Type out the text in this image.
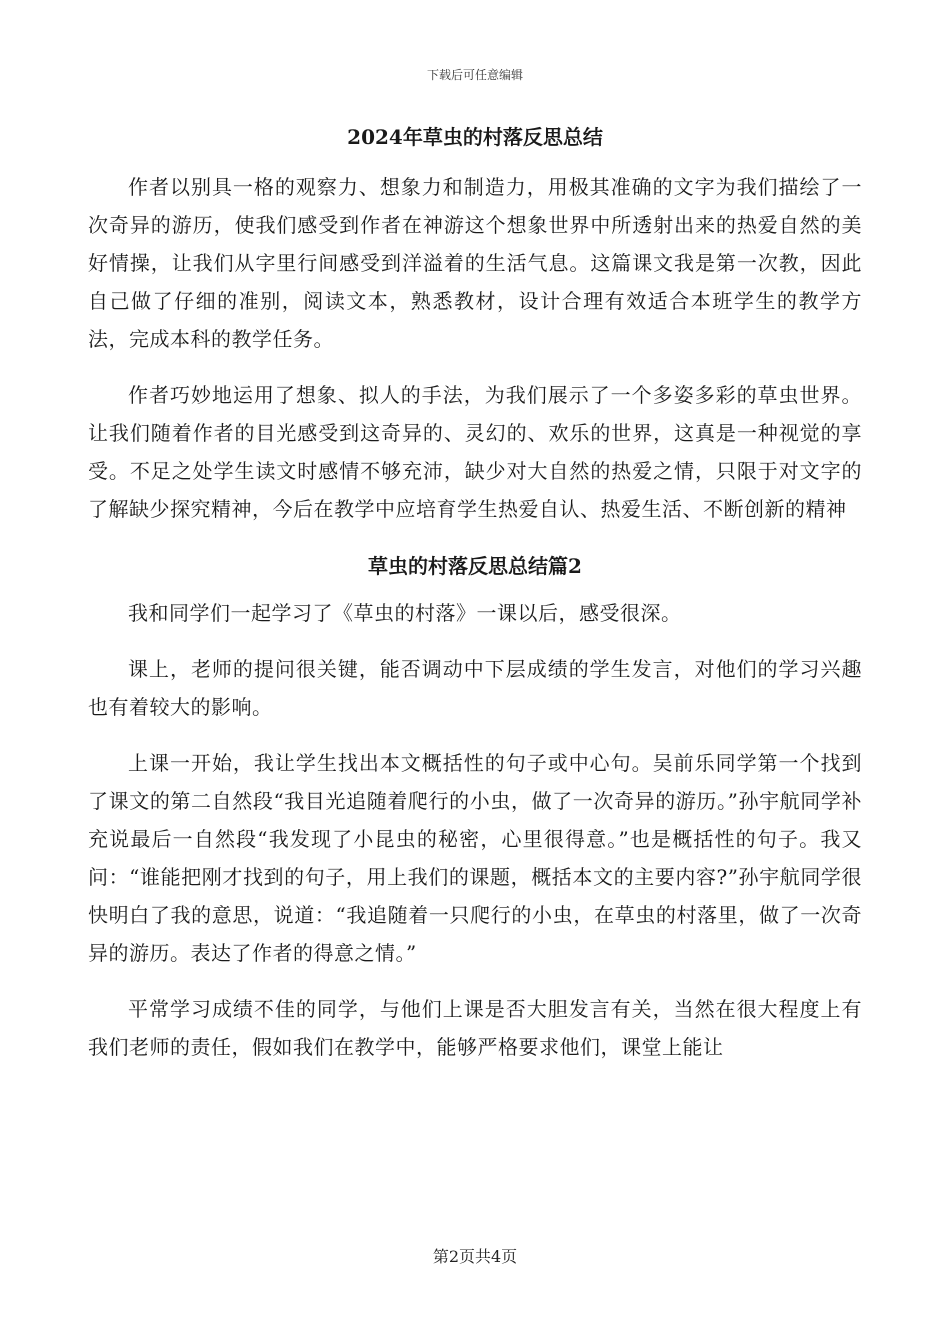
下载后可任意编辑
2024年草虫的村落反思总结

作者以别具一格的观察力、想象力和制造力，用极其准确的文字为我们描绘了一次奇异的游历，使我们感受到作者在神游这个想象世界中所透射出来的热爱自然的美好情操，让我们从字里行间感受到洋溢着的生活气息。这篇课文我是第一次教，因此自己做了仔细的准别，阅读文本，熟悉教材，设计合理有效适合本班学生的教学方法，完成本科的教学任务。

作者巧妙地运用了想象、拟人的手法，为我们展示了一个多姿多彩的草虫世界。让我们随着作者的目光感受到这奇异的、灵幻的、欢乐的世界，这真是一种视觉的享受。不足之处学生读文时感情不够充沛，缺少对大自然的热爱之情，只限于对文字的了解缺少探究精神，今后在教学中应培育学生热爱自认、热爱生活、不断创新的精神

草虫的村落反思总结篇2

我和同学们一起学习了《草虫的村落》一课以后，感受很深。

课上，老师的提问很关键，能否调动中下层成绩的学生发言，对他们的学习兴趣也有着较大的影响。

上课一开始，我让学生找出本文概括性的句子或中心句。吴前乐同学第一个找到了课文的第二自然段“我目光追随着爬行的小虫，做了一次奇异的游历。”孙宇航同学补充说最后一自然段“我发现了小昆虫的秘密，心里很得意。”也是概括性的句子。我又问：“谁能把刚才找到的句子，用上我们的课题，概括本文的主要内容?”孙宇航同学很快明白了我的意思，说道：“我追随着一只爬行的小虫，在草虫的村落里，做了一次奇异的游历。表达了作者的得意之情。”

平常学习成绩不佳的同学，与他们上课是否大胆发言有关，当然在很大程度上有我们老师的责任，假如我们在教学中，能够严格要求他们，课堂上能让

第2页共4页
